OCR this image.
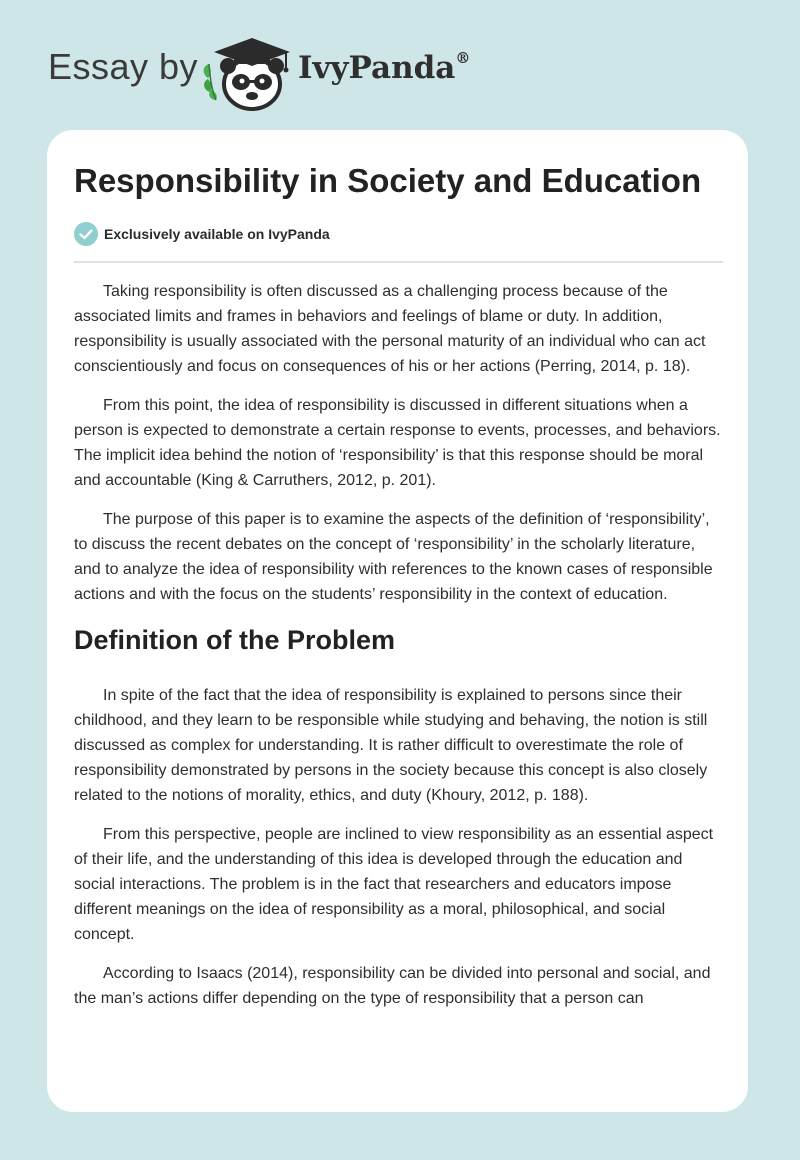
Essay by	IvyPanda®
Responsibility in Society and Education
Exclusively available on IvyPanda

Taking responsibility is often discussed as a challenging process because of the associated limits and frames in behaviors and feelings of blame or duty. In addition, responsibility is usually associated with the personal maturity of an individual who can act conscientiously and focus on consequences of his or her actions (Perring, 2014, p. 18).

From this point, the idea of responsibility is discussed in different situations when a person is expected to demonstrate a certain response to events, processes, and behaviors. The implicit idea behind the notion of ‘responsibility’ is that this response should be moral and accountable (King & Carruthers, 2012, p. 201).

The purpose of this paper is to examine the aspects of the definition of ‘responsibility’, to discuss the recent debates on the concept of ‘responsibility’ in the scholarly literature, and to analyze the idea of responsibility with references to the known cases of responsible actions and with the focus on the students’ responsibility in the context of education.

Definition of the Problem

In spite of the fact that the idea of responsibility is explained to persons since their childhood, and they learn to be responsible while studying and behaving, the notion is still discussed as complex for understanding. It is rather difficult to overestimate the role of responsibility demonstrated by persons in the society because this concept is also closely related to the notions of morality, ethics, and duty (Khoury, 2012, p. 188).

From this perspective, people are inclined to view responsibility as an essential aspect of their life, and the understanding of this idea is developed through the education and social interactions. The problem is in the fact that researchers and educators impose different meanings on the idea of responsibility as a moral, philosophical, and social concept.

According to Isaacs (2014), responsibility can be divided into personal and social, and the man’s actions differ depending on the type of responsibility that a person can
